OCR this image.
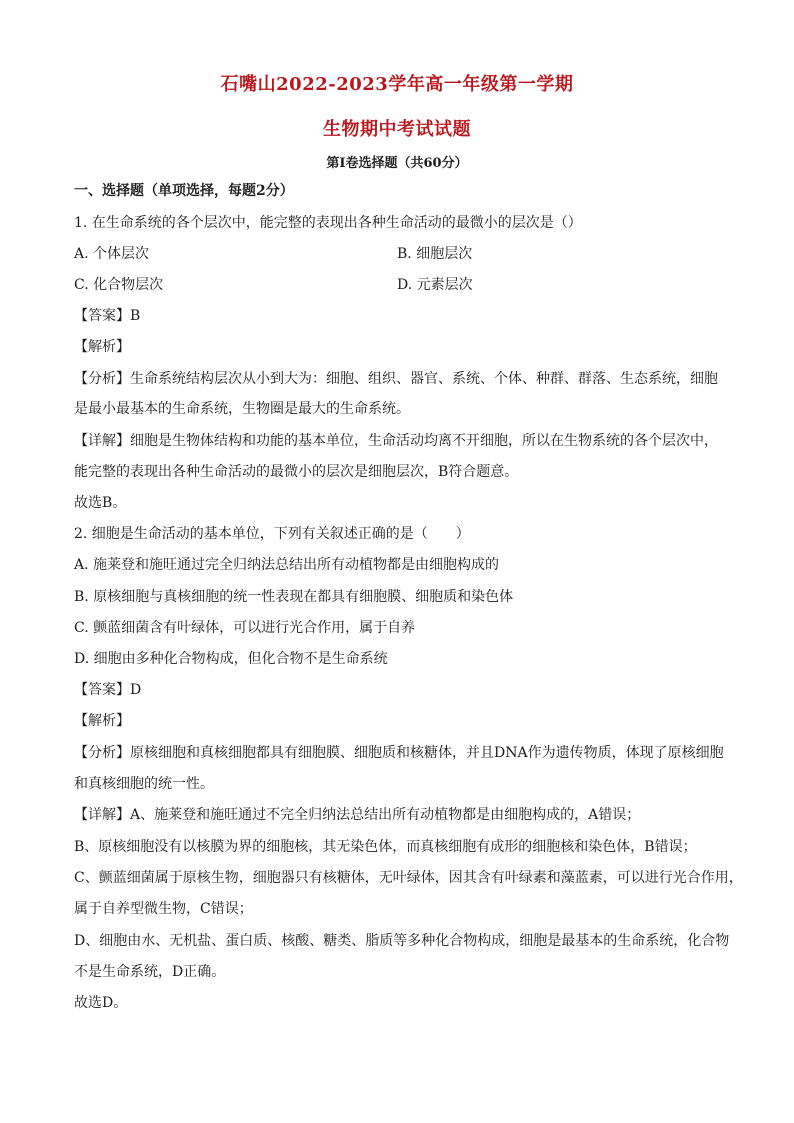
石嘴山2022-2023学年高一年级第一学期
生物期中考试试题
第Ⅰ卷选择题（共60分）
一、选择题（单项选择，每题2分）
1. 在生命系统的各个层次中，能完整的表现出各种生命活动的最微小的层次是（）
A. 个体层次	B. 细胞层次
C. 化合物层次	D. 元素层次
【答案】B
【解析】
【分析】生命系统结构层次从小到大为：细胞、组织、器官、系统、个体、种群、群落、生态系统，细胞
是最小最基本的生命系统，生物圈是最大的生命系统。
【详解】细胞是生物体结构和功能的基本单位，生命活动均离不开细胞，所以在生物系统的各个层次中，
能完整的表现出各种生命活动的最微小的层次是细胞层次，B符合题意。
故选B。
2. 细胞是生命活动的基本单位，下列有关叙述正确的是（　　）
A. 施莱登和施旺通过完全归纳法总结出所有动植物都是由细胞构成的
B. 原核细胞与真核细胞的统一性表现在都具有细胞膜、细胞质和染色体
C. 颤蓝细菌含有叶绿体，可以进行光合作用，属于自养
D. 细胞由多种化合物构成，但化合物不是生命系统
【答案】D
【解析】
【分析】原核细胞和真核细胞都具有细胞膜、细胞质和核糖体，并且DNA作为遗传物质，体现了原核细胞
和真核细胞的统一性。
【详解】A、施莱登和施旺通过不完全归纳法总结出所有动植物都是由细胞构成的，A错误；
B、原核细胞没有以核膜为界的细胞核，其无染色体，而真核细胞有成形的细胞核和染色体，B错误；
C、颤蓝细菌属于原核生物，细胞器只有核糖体，无叶绿体，因其含有叶绿素和藻蓝素，可以进行光合作用，
属于自养型微生物，C错误；
D、细胞由水、无机盐、蛋白质、核酸、糖类、脂质等多种化合物构成，细胞是最基本的生命系统，化合物
不是生命系统，D正确。
故选D。
